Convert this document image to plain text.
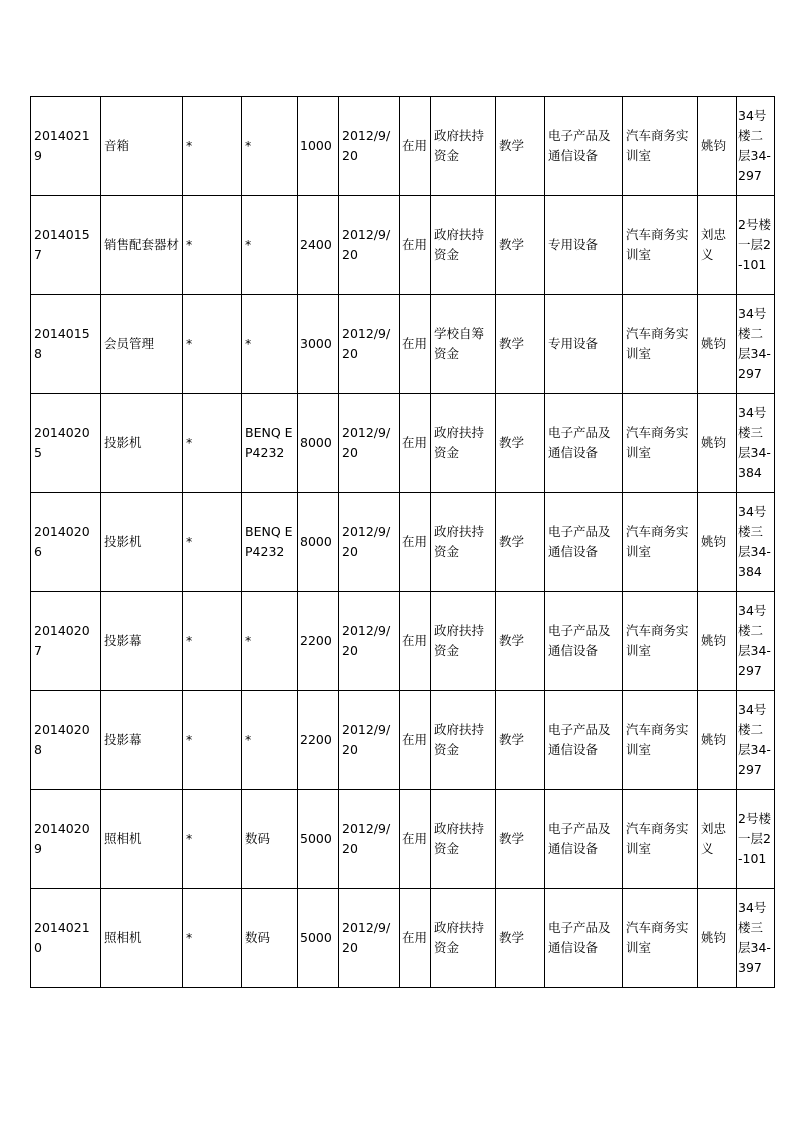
20140219	音箱	*	*	1000	2012/9/20	在用	政府扶持资金	教学	电子产品及通信设备	汽车商务实训室	姚钧	34号楼二层34-297
20140157	销售配套器材	*	*	2400	2012/9/20	在用	政府扶持资金	教学	专用设备	汽车商务实训室	刘忠义	2号楼一层2-101
20140158	会员管理	*	*	3000	2012/9/20	在用	学校自筹资金	教学	专用设备	汽车商务实训室	姚钧	34号楼二层34-297
20140205	投影机	*	BENQ EP4232	8000	2012/9/20	在用	政府扶持资金	教学	电子产品及通信设备	汽车商务实训室	姚钧	34号楼三层34-384
20140206	投影机	*	BENQ EP4232	8000	2012/9/20	在用	政府扶持资金	教学	电子产品及通信设备	汽车商务实训室	姚钧	34号楼三层34-384
20140207	投影幕	*	*	2200	2012/9/20	在用	政府扶持资金	教学	电子产品及通信设备	汽车商务实训室	姚钧	34号楼二层34-297
20140208	投影幕	*	*	2200	2012/9/20	在用	政府扶持资金	教学	电子产品及通信设备	汽车商务实训室	姚钧	34号楼二层34-297
20140209	照相机	*	数码	5000	2012/9/20	在用	政府扶持资金	教学	电子产品及通信设备	汽车商务实训室	刘忠义	2号楼一层2-101
20140210	照相机	*	数码	5000	2012/9/20	在用	政府扶持资金	教学	电子产品及通信设备	汽车商务实训室	姚钧	34号楼三层34-397
